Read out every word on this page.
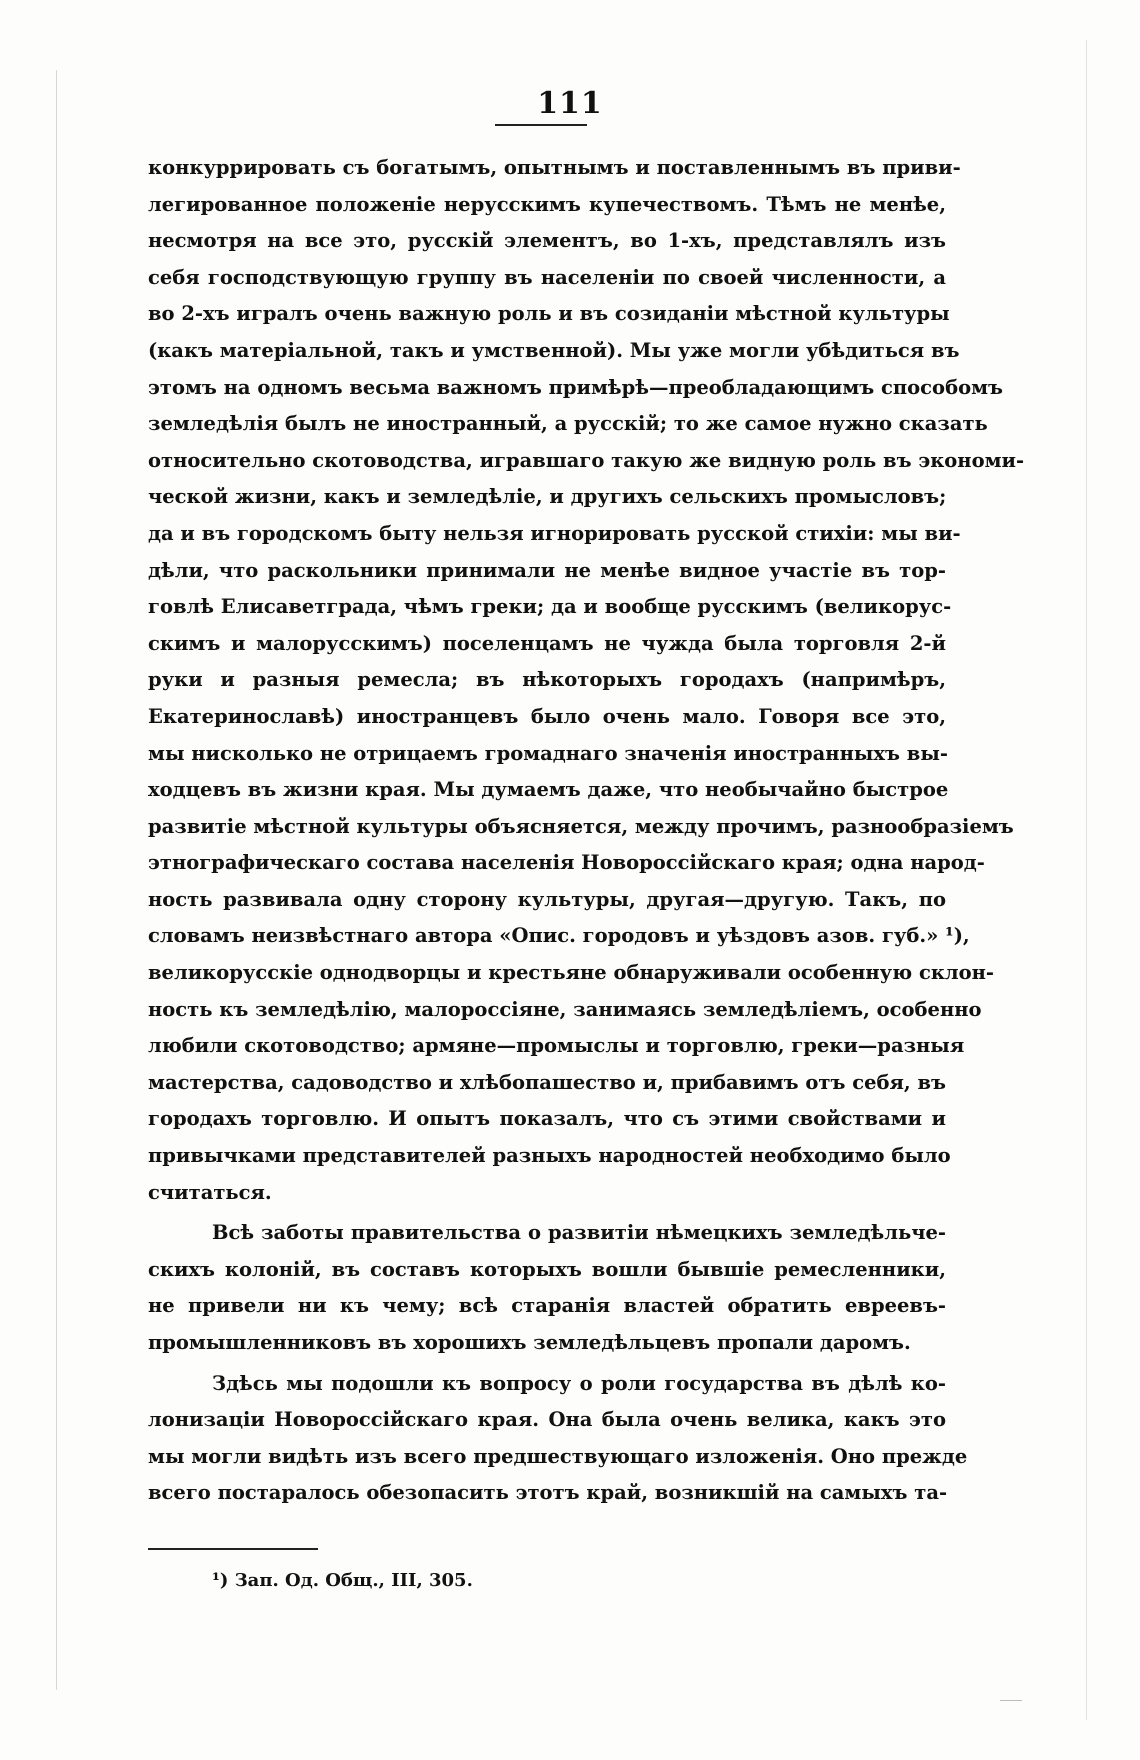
111
конкуррировать съ богатымъ, опытнымъ и поставленнымъ въ приви-
легированное положеніе нерусскимъ купечествомъ. Тѣмъ не менѣе,
несмотря на все это, русскій элементъ, во 1-хъ, представлялъ изъ
себя господствующую группу въ населеніи по своей численности, а
во 2-хъ игралъ очень важную роль и въ созиданіи мѣстной культуры
(какъ матеріальной, такъ и умственной). Мы уже могли убѣдиться въ
этомъ на одномъ весьма важномъ примѣрѣ—преобладающимъ способомъ
земледѣлія былъ не иностранный, а русскій; то же самое нужно сказать
относительно скотоводства, игравшаго такую же видную роль въ экономи-
ческой жизни, какъ и земледѣліе, и другихъ сельскихъ промысловъ;
да и въ городскомъ быту нельзя игнорировать русской стихіи: мы ви-
дѣли, что раскольники принимали не менѣе видное участіе въ тор-
говлѣ Елисаветграда, чѣмъ греки; да и вообще русскимъ (великорус-
скимъ и малорусскимъ) поселенцамъ не чужда была торговля 2-й
руки и разныя ремесла; въ нѣкоторыхъ городахъ (напримѣръ,
Екатеринославѣ) иностранцевъ было очень мало. Говоря все это,
мы нисколько не отрицаемъ громаднаго значенія иностранныхъ вы-
ходцевъ въ жизни края. Мы думаемъ даже, что необычайно быстрое
развитіе мѣстной культуры объясняется, между прочимъ, разнообразіемъ
этнографическаго состава населенія Новороссійскаго края; одна народ-
ность развивала одну сторону культуры, другая—другую. Такъ, по
словамъ неизвѣстнаго автора «Опис. городовъ и уѣздовъ азов. губ.» ¹),
великорусскіе однодворцы и крестьяне обнаруживали особенную склон-
ность къ земледѣлію, малороссіяне, занимаясь земледѣліемъ, особенно
любили скотоводство; армяне—промыслы и торговлю, греки—разныя
мастерства, садоводство и хлѣбопашество и, прибавимъ отъ себя, въ
городахъ торговлю. И опытъ показалъ, что съ этими свойствами и
привычками представителей разныхъ народностей необходимо было
считаться.
Всѣ заботы правительства о развитіи нѣмецкихъ земледѣльче-
скихъ колоній, въ составъ которыхъ вошли бывшіе ремесленники,
не привели ни къ чему; всѣ старанія властей обратить евреевъ-
промышленниковъ въ хорошихъ земледѣльцевъ пропали даромъ.
Здѣсь мы подошли къ вопросу о роли государства въ дѣлѣ ко-
лонизаціи Новороссійскаго края. Она была очень велика, какъ это
мы могли видѣть изъ всего предшествующаго изложенія. Оно прежде
всего постаралось обезопасить этотъ край, возникшій на самыхъ та-
¹) Зап. Од. Общ., III, 305.
